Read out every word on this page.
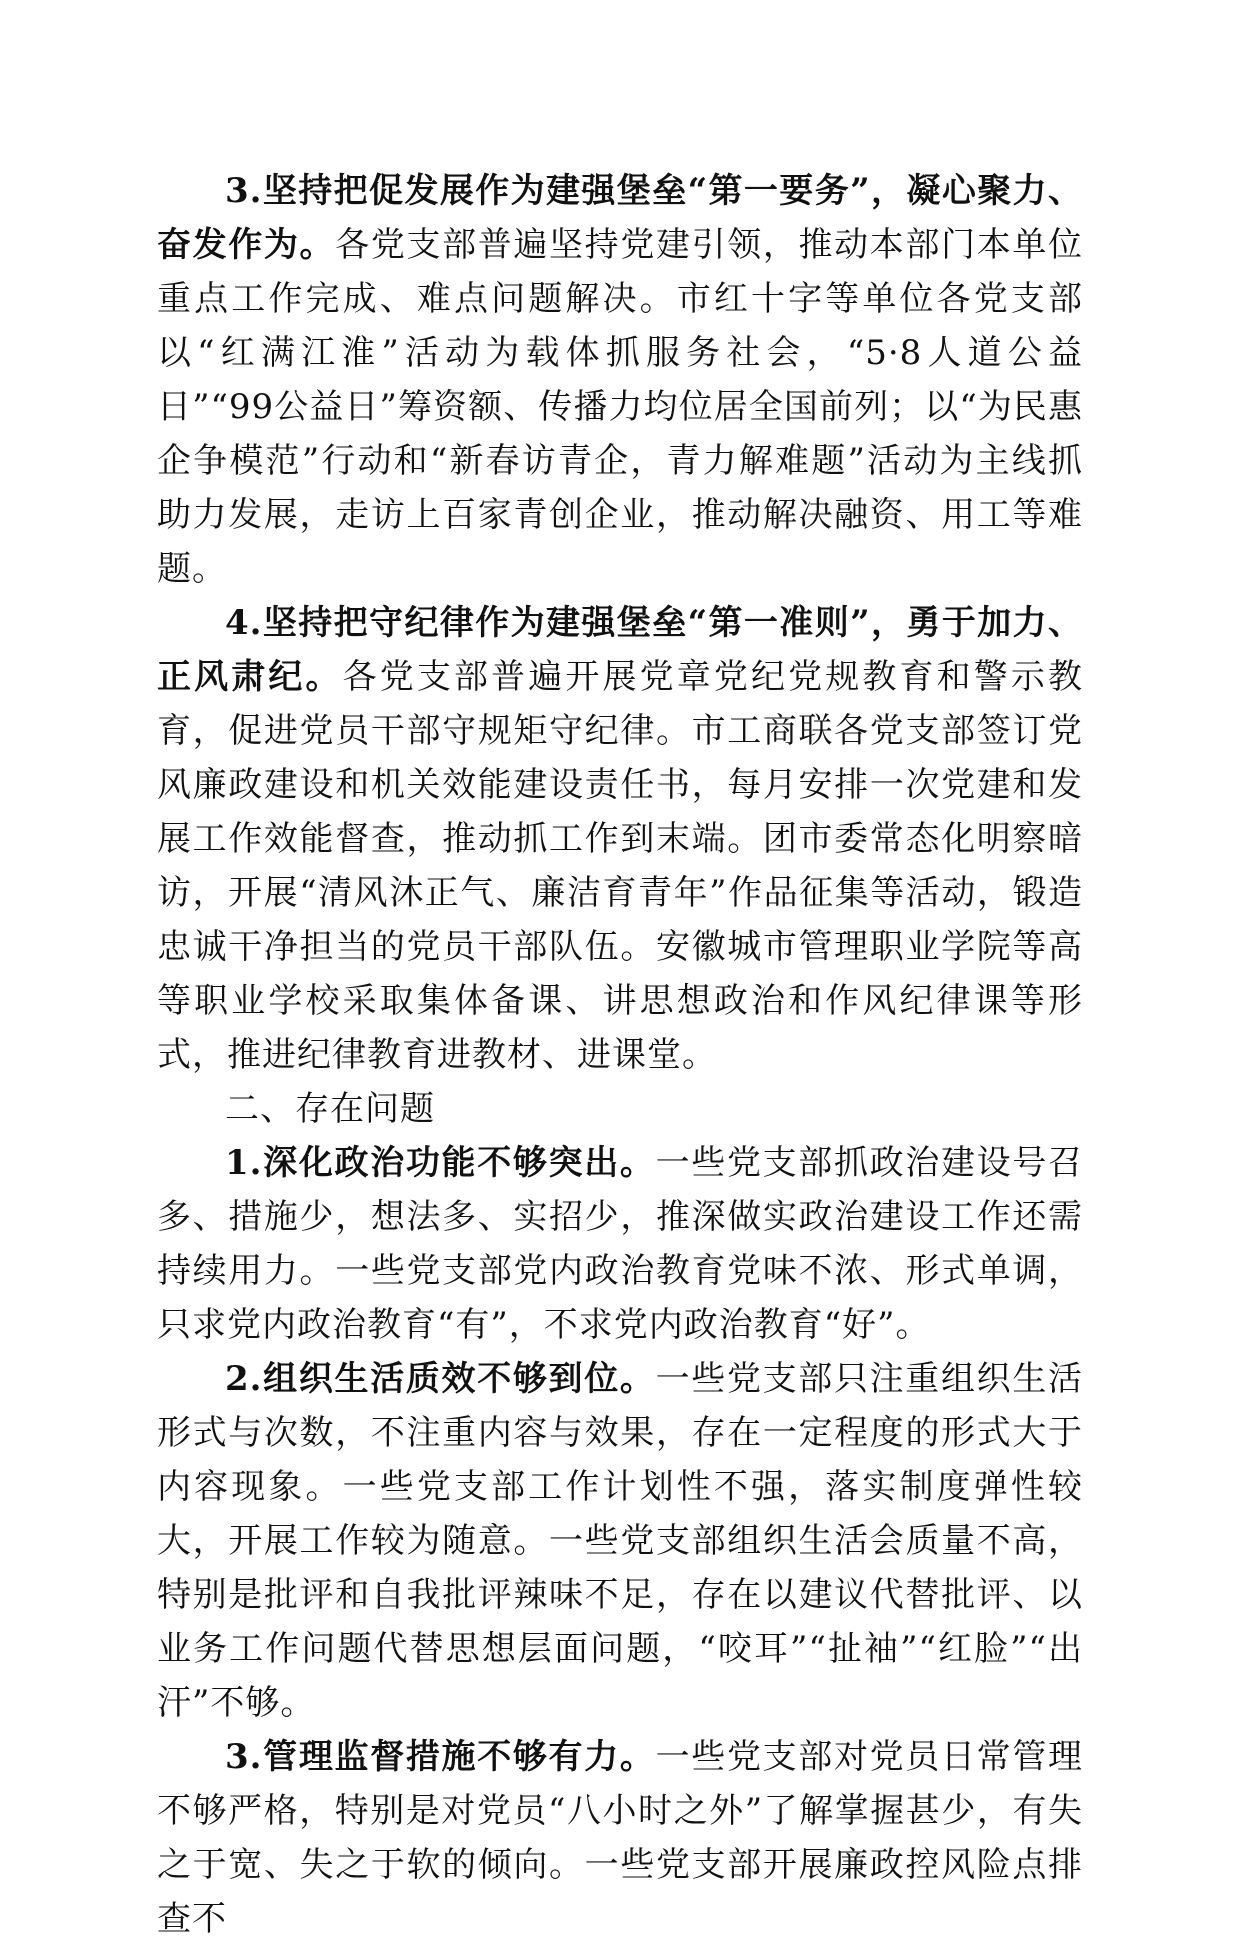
3.坚持把促发展作为建强堡垒“第一要务”，凝心聚力、奋发作为。各党支部普遍坚持党建引领，推动本部门本单位重点工作完成、难点问题解决。市红十字等单位各党支部以“红满江淮”活动为载体抓服务社会，“5·8人道公益日”“99公益日”筹资额、传播力均位居全国前列；以“为民惠企争模范”行动和“新春访青企，青力解难题”活动为主线抓助力发展，走访上百家青创企业，推动解决融资、用工等难题。

4.坚持把守纪律作为建强堡垒“第一准则”，勇于加力、正风肃纪。各党支部普遍开展党章党纪党规教育和警示教育，促进党员干部守规矩守纪律。市工商联各党支部签订党风廉政建设和机关效能建设责任书，每月安排一次党建和发展工作效能督查，推动抓工作到末端。团市委常态化明察暗访，开展“清风沐正气、廉洁育青年”作品征集等活动，锻造忠诚干净担当的党员干部队伍。安徽城市管理职业学院等高等职业学校采取集体备课、讲思想政治和作风纪律课等形式，推进纪律教育进教材、进课堂。

二、存在问题

1.深化政治功能不够突出。一些党支部抓政治建设号召多、措施少，想法多、实招少，推深做实政治建设工作还需持续用力。一些党支部党内政治教育党味不浓、形式单调，只求党内政治教育“有”，不求党内政治教育“好”。

2.组织生活质效不够到位。一些党支部只注重组织生活形式与次数，不注重内容与效果，存在一定程度的形式大于内容现象。一些党支部工作计划性不强，落实制度弹性较大，开展工作较为随意。一些党支部组织生活会质量不高，特别是批评和自我批评辣味不足，存在以建议代替批评、以业务工作问题代替思想层面问题，“咬耳”“扯袖”“红脸”“出汗”不够。

3.管理监督措施不够有力。一些党支部对党员日常管理不够严格，特别是对党员“八小时之外”了解掌握甚少，有失之于宽、失之于软的倾向。一些党支部开展廉政控风险点排查不
